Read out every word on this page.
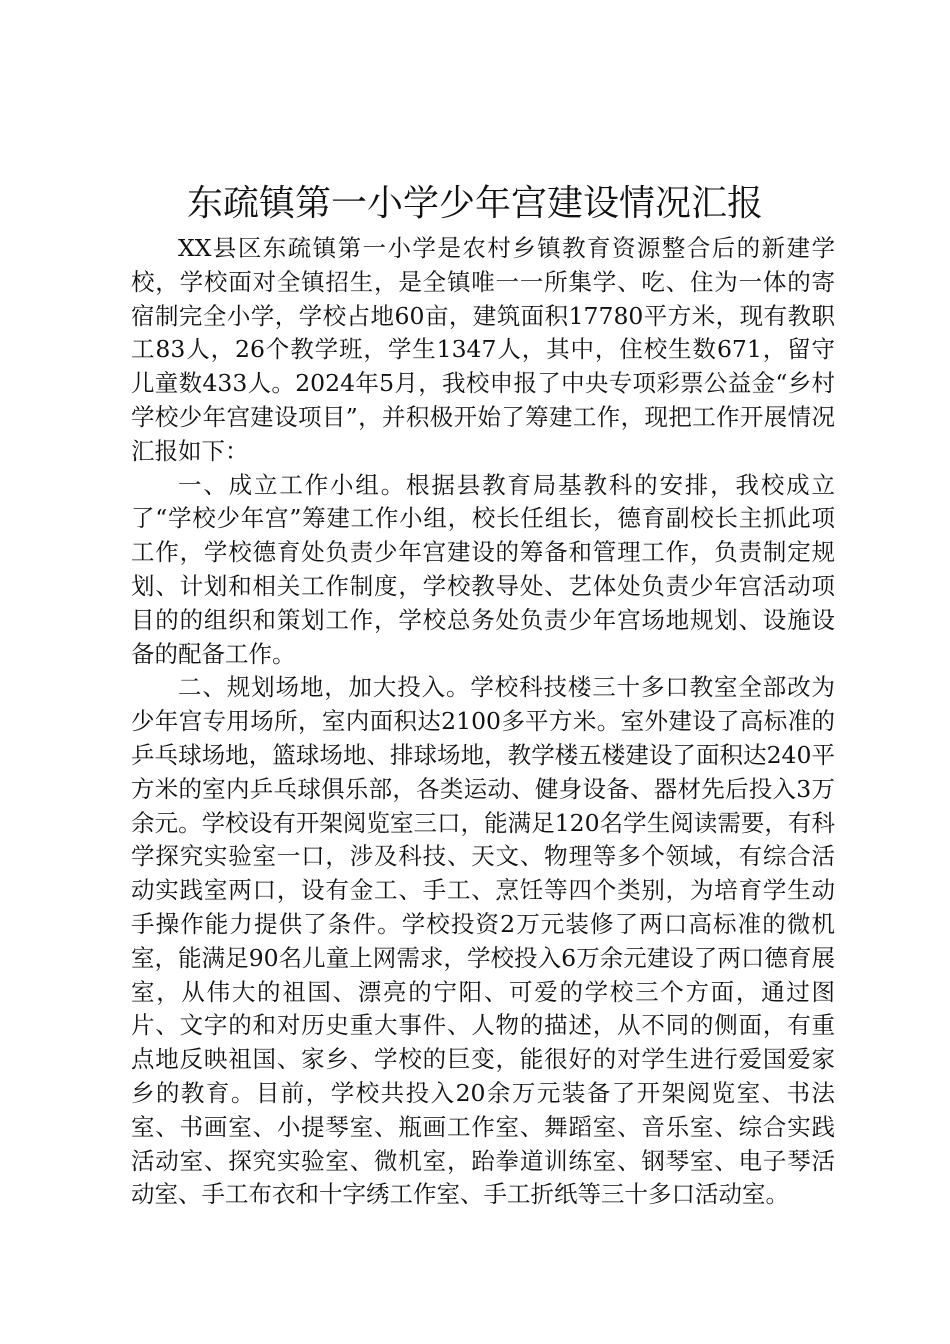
东疏镇第一小学少年宫建设情况汇报

XX县区东疏镇第一小学是农村乡镇教育资源整合后的新建学校，学校面对全镇招生，是全镇唯一一所集学、吃、住为一体的寄宿制完全小学，学校占地60亩，建筑面积17780平方米，现有教职工83人，26个教学班，学生1347人，其中，住校生数671，留守儿童数433人。2024年5月，我校申报了中央专项彩票公益金“乡村学校少年宫建设项目”，并积极开始了筹建工作，现把工作开展情况汇报如下：

一、成立工作小组。根据县教育局基教科的安排，我校成立了“学校少年宫”筹建工作小组，校长任组长，德育副校长主抓此项工作，学校德育处负责少年宫建设的筹备和管理工作，负责制定规划、计划和相关工作制度，学校教导处、艺体处负责少年宫活动项目的的组织和策划工作，学校总务处负责少年宫场地规划、设施设备的配备工作。

二、规划场地，加大投入。学校科技楼三十多口教室全部改为少年宫专用场所，室内面积达2100多平方米。室外建设了高标准的乒乓球场地，篮球场地、排球场地，教学楼五楼建设了面积达240平方米的室内乒乓球俱乐部，各类运动、健身设备、器材先后投入3万余元。学校设有开架阅览室三口，能满足120名学生阅读需要，有科学探究实验室一口，涉及科技、天文、物理等多个领域，有综合活动实践室两口，设有金工、手工、烹饪等四个类别，为培育学生动手操作能力提供了条件。学校投资2万元装修了两口高标准的微机室，能满足90名儿童上网需求，学校投入6万余元建设了两口德育展室，从伟大的祖国、漂亮的宁阳、可爱的学校三个方面，通过图片、文字的和对历史重大事件、人物的描述，从不同的侧面，有重点地反映祖国、家乡、学校的巨变，能很好的对学生进行爱国爱家乡的教育。目前，学校共投入20余万元装备了开架阅览室、书法室、书画室、小提琴室、瓶画工作室、舞蹈室、音乐室、综合实践活动室、探究实验室、微机室，跆拳道训练室、钢琴室、电子琴活动室、手工布衣和十字绣工作室、手工折纸等三十多口活动室。
